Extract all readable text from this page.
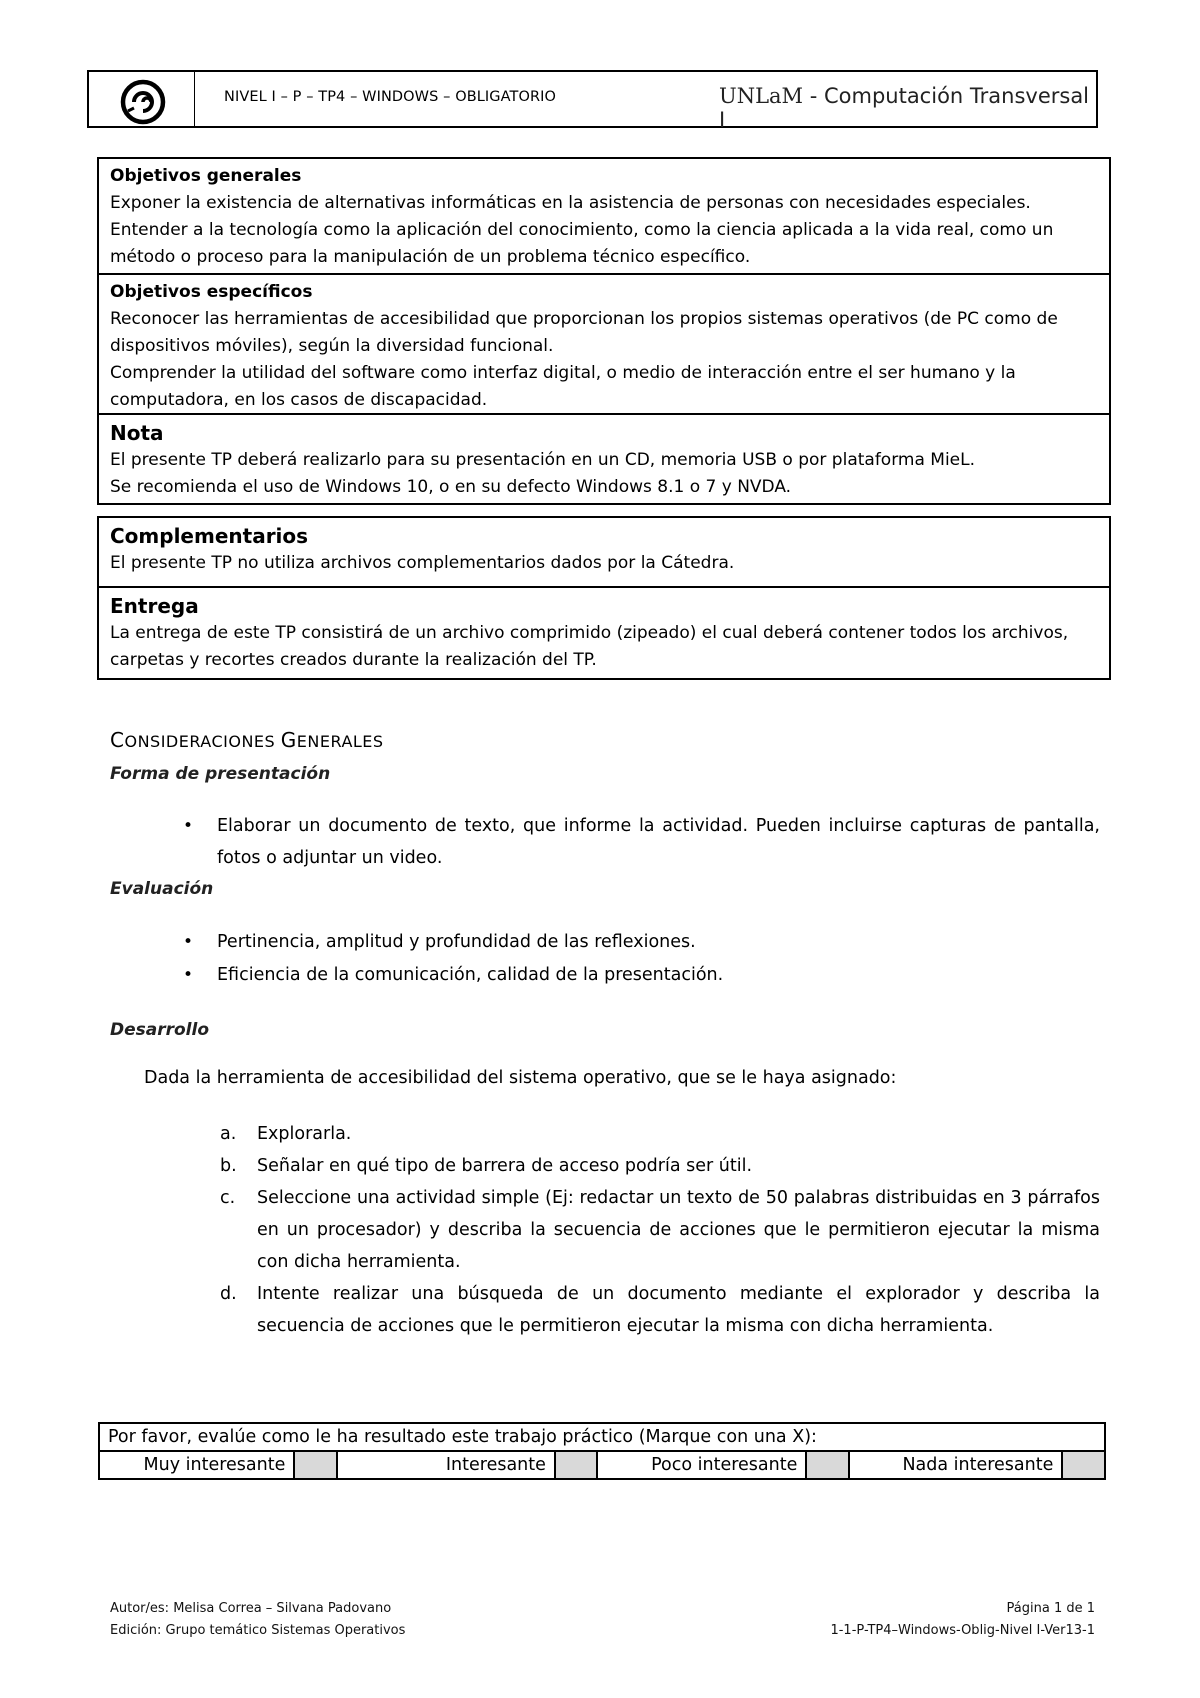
NIVEL I – P – TP4 – WINDOWS – OBLIGATORIO	UNLaM - Computación Transversal I

Objetivos generales

Exponer la existencia de alternativas informáticas en la asistencia de personas con necesidades especiales.

Entender a la tecnología como la aplicación del conocimiento, como la ciencia aplicada a la vida real, como un método o proceso para la manipulación de un problema técnico específico.

Objetivos específicos

Reconocer las herramientas de accesibilidad que proporcionan los propios sistemas operativos (de PC como de dispositivos móviles), según la diversidad funcional.

Comprender la utilidad del software como interfaz digital, o medio de interacción entre el ser humano y la computadora, en los casos de discapacidad.

Nota

El presente TP deberá realizarlo para su presentación en un CD, memoria USB o por plataforma MieL.

Se recomienda el uso de Windows 10, o en su defecto Windows 8.1 o 7 y NVDA.

Complementarios

El presente TP no utiliza archivos complementarios dados por la Cátedra.

Entrega

La entrega de este TP consistirá de un archivo comprimido (zipeado) el cual deberá contener todos los archivos, carpetas y recortes creados durante la realización del TP.

CONSIDERACIONES GENERALES
Forma de presentación
• Elaborar un documento de texto, que informe la actividad. Pueden incluirse capturas de pantalla, fotos o adjuntar un video.
Evaluación
• Pertinencia, amplitud y profundidad de las reflexiones.
• Eficiencia de la comunicación, calidad de la presentación.
Desarrollo
Dada la herramienta de accesibilidad del sistema operativo, que se le haya asignado:
a. Explorarla.
b. Señalar en qué tipo de barrera de acceso podría ser útil.
c. Seleccione una actividad simple (Ej: redactar un texto de 50 palabras distribuidas en 3 párrafos en un procesador) y describa la secuencia de acciones que le permitieron ejecutar la misma con dicha herramienta.
d. Intente realizar una búsqueda de un documento mediante el explorador y describa la secuencia de acciones que le permitieron ejecutar la misma con dicha herramienta.
Por favor, evalúe como le ha resultado este trabajo práctico (Marque con una X):
Muy interesante		Interesante		Poco interesante		Nada interesante	
Autor/es: Melisa Correa – Silvana Padovano
Edición: Grupo temático Sistemas Operativos
Página 1 de 1
1-1-P-TP4–Windows-Oblig-Nivel I-Ver13-1
